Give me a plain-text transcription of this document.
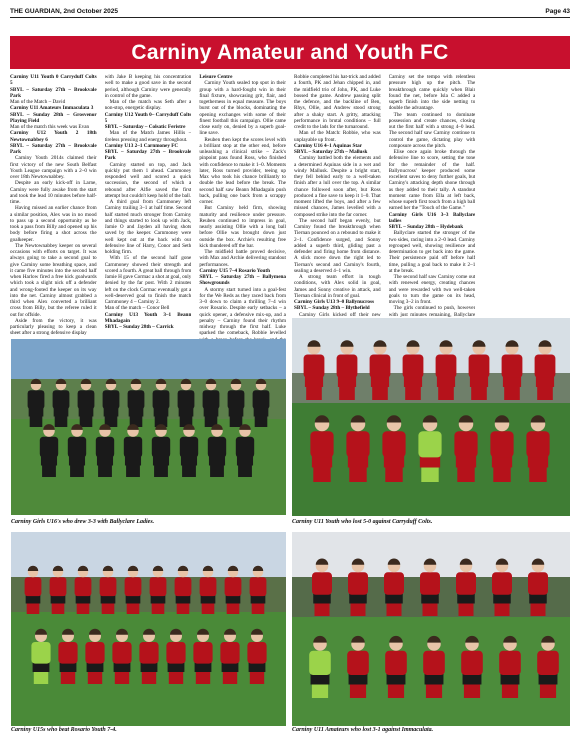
THE GUARDIAN, 2nd October 2025	Page 43
Carniny Amateur and Youth FC

Carniny U11 Youth 0 Carryduff Colts 5

SBYL – Saturday 27th – Brookvale Park

Man of the Match – David

Carniny U11 Amateurs Immaculata 3

SBYL – Sunday 28th – Grosvenor Playing Field

Man of the match this week was Evan

Carniny U12 Youth 2 18th Newtownabbey 6

SBYL – Saturday 27th – Brookvale Park

Carniny Youth 2014s claimed their first victory of the new South Belfast Youth League campaign with a 2–0 win over 18th Newtownabbey.

Despite an early kick-off in Larne, Carniny were fully awake from the start and took the lead 10 minutes before half-time.

Having missed an earlier chance from a similar position, Alex was in no mood to pass up a second opportunity as he took a pass from Billy and opened up his body before firing a shot across the goalkeeper.

The Newtownabbey keeper on several occasions with efforts on target. It was always going to take a second goal to give Carniny some breathing space, and it came five minutes into the second half when Harlow fired a free kick goalwards which took a slight nick off a defender and wrong-footed the keeper on its way into the net. Carniny almost grabbed a third when Alex converted a brilliant cross from Billy, but the referee ruled it out for offside.

Aside from the victory, it was particularly pleasing to keep a clean sheet after a strong defensive display

with Jake B keeping his concentration well to make a good save in the second period, although Carniny were generally in control of the game.

Man of the match was Seth after a non-stop, energetic display.

Carniny U12 Youth 0– Carryduff Colts 5

SBYL – Saturday – Colsatic Feristre

Man of the Match James Hillis – tireless pressing and energy throughout.

Carniny U13 2–1 Carnmoney FC

SBYL – Saturday 27th – Brookvale Park

Carniny started on top, and Jack quickly put them 1 ahead. Carnmoney responded well and scored a quick succession, the second of which a rebound after Alfie saved the first attempt but couldn't keep hold of the ball.

A third goal from Carnmoney left Carniny trailing 3–1 at half time. Second half started much stronger from Carniny and things started to look up with Jack, Jamie O and Jayden all having shots saved by the keeper. Carnmoney were well kept out at the back with our defensive line of Harry, Conor and Seth holding firm.

With 15 of the second half gone Carnmoney showed their strength and scored a fourth. A great ball through from Jamie H gave Cormac a shot at goal, only denied by the far post. With 2 minutes left on the clock Cormac eventually got a well-deserved goal to finish the match Carnmoney 4 – Carniny 2.

Man of the match – Conor Bell

Carniny U13 Youth 3–1 Beann Mhadagain

SBYL – Sunday 28th – Carrick

Leisure Centre

Carniny Youth sealed top spot in their group with a hard-fought win in their final fixture, showcasing grit, flair, and togetherness in equal measure. The boys burst out of the blocks, dominating the opening exchanges with some of their finest football this campaign. Ollie came close early on, denied by a superb goal-line save.

Reuben then kept the scores level with a brilliant stop at the other end, before unleashing a clinical strike – Zack's pinpoint pass found Ross, who finished with confidence to make it 1–0. Moments later, Ross turned provider, teeing up Max who took his chance brilliantly to double the lead before the break. The second half saw Beann Mhadagain push back, pulling one back from a scrappy corner.

But Carniny held firm, showing maturity and resilience under pressure. Reuben continued to impress in goal, nearly assisting Ollie with a long ball before Ollie was brought down just outside the box. Archie's resulting free kick thundered off the bar.

The midfield battle proved decisive, with Max and Archie delivering standout performances.

Carniny U15 7–4 Rosario Youth

SBYL – Saturday 27th – Ballymena Showgrounds

A stormy start turned into a goal-fest for the We Reds as they raced back from 3–0 down to claim a thrilling 7–4 win over Rosario. Despite early setbacks – a quick opener, a defensive mix-up, and a penalty – Carniny found their rhythm midway through the first half. Luke sparked the comeback, Robbie levelled

Robbie completed his hat-trick and added a fourth, PK and Jehan chipped in, and the midfield trio of John, PK, and Luke bossed the game. Andrew passing split the defence, and the backline of Ben, Rhys, Ollie, and Andrew stood strong after a shaky start. A gritty, attacking performance in brutal conditions – full credit to the lads for the turnaround.

Man of the Match: Robbie, who was unplayable up front.

Carniny U16 4–1 Aquinas Star

SBYL – Saturday 27th – Mallusk

Carniny battled both the elements and a determined Aquinas side in a wet and windy Mallusk. Despite a bright start, they fell behind early to a well-taken finish after a lull over the top. A similar chance followed soon after, but Ross produced a fine save to keep it 1–0. That moment lifted the boys, and after a few missed chances, James levelled with a composed strike into the far corner.

The second half began evenly, but Carniny found the breakthrough when Tiernan pounced on a rebound to make it 2–1. Confidence surged, and Sonny added a superb third, gliding past a defender and firing home from distance. A slick move down the right led to Tiernan's second and Carniny's fourth, sealing a deserved 4–1 win.

A strong team effort in tough conditions, with Alex solid in goal, James and Sonny creative in attack, and Tiernan clinical in front of goal.

Carniny Girls U13 9–0 Ballynucross

SBYL – Sunday 28th – Blythefield

Carniny Girls kicked off their new

Carniny set the tempo with relentless pressure high up the pitch. The breakthrough came quickly when Blair found the net, before Isla C added a superb finish into the side netting to double the advantage.

The team continued to dominate possession and create chances, closing out the first half with a strong 4–0 lead. The second half saw Carniny continue to control the game, dictating play with composure across the pitch.

Elise once again broke through the defensive line to score, setting the tone for the remainder of the half. Ballynucross' keeper produced some excellent saves to deny further goals, but Carniny's attacking depth shone through as they added to their tally. A standout moment came from Ella at left back, whose superb first touch from a high ball earned her the "Touch of the Game."

Carniny Girls U16 3–3 Ballyclare ladies

SBYL – Sunday 28th – Hydebank

Ballyclare started the stronger of the two sides, racing into a 2–0 lead. Carniny regrouped well, showing resilience and determination to get back into the game. Their persistence paid off before half time, pulling a goal back to make it 2–1 at the break.

The second half saw Carniny come out with renewed energy, creating chances and were rewarded with two well-taken goals to turn the game on its head, moving 3–2 in front.

The girls continued to push, however with just minutes remaining, Ballyclare

Carniny Girls U16's who drew 3-3 with Ballyclare Ladies.	Carniny U11 Youth who lost 5-0 against Carryduff Colts.
Carniny U15s who beat Rosario Youth 7-4.	Carniny U11 Amateurs who lost 3-1 against Immaculata.
